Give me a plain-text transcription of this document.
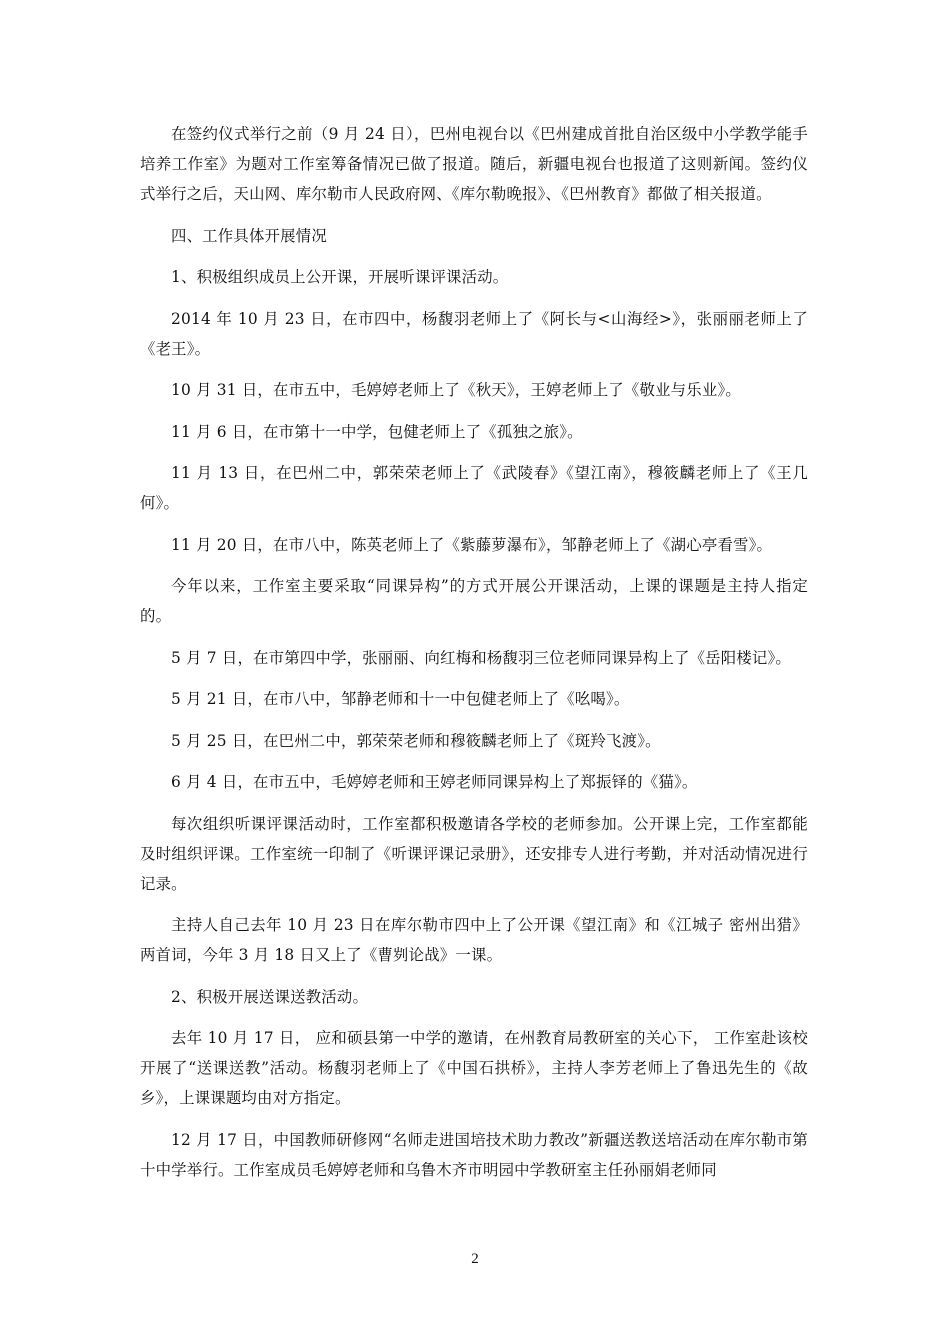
在签约仪式举行之前（9 月 24 日），巴州电视台以《巴州建成首批自治区级中小学教学能手培养工作室》为题对工作室筹备情况已做了报道。随后，新疆电视台也报道了这则新闻。签约仪式举行之后，天山网、库尔勒市人民政府网、《库尔勒晚报》、《巴州教育》都做了相关报道。

四、工作具体开展情况

1、积极组织成员上公开课，开展听课评课活动。

2014 年 10 月 23 日，在市四中，杨馥羽老师上了《阿长与<山海经>》，张丽丽老师上了《老王》。

10 月 31 日，在市五中，毛婷婷老师上了《秋天》，王婷老师上了《敬业与乐业》。

11 月 6 日，在市第十一中学，包健老师上了《孤独之旅》。

11 月 13 日，在巴州二中，郭荣荣老师上了《武陵春》《望江南》，穆筱麟老师上了《王几何》。

11 月 20 日，在市八中，陈英老师上了《紫藤萝瀑布》，邹静老师上了《湖心亭看雪》。

今年以来，工作室主要采取“同课异构”的方式开展公开课活动，上课的课题是主持人指定的。

5 月 7 日，在市第四中学，张丽丽、向红梅和杨馥羽三位老师同课异构上了《岳阳楼记》。

5 月 21 日，在市八中，邹静老师和十一中包健老师上了《吆喝》。

5 月 25 日，在巴州二中，郭荣荣老师和穆筱麟老师上了《斑羚飞渡》。

6 月 4 日，在市五中，毛婷婷老师和王婷老师同课异构上了郑振铎的《猫》。

每次组织听课评课活动时，工作室都积极邀请各学校的老师参加。公开课上完，工作室都能及时组织评课。工作室统一印制了《听课评课记录册》，还安排专人进行考勤，并对活动情况进行记录。

主持人自己去年 10 月 23 日在库尔勒市四中上了公开课《望江南》和《江城子 密州出猎》两首词，今年 3 月 18 日又上了《曹刿论战》一课。

2、积极开展送课送教活动。

去年 10 月 17 日， 应和硕县第一中学的邀请，在州教育局教研室的关心下， 工作室赴该校开展了“送课送教”活动。杨馥羽老师上了《中国石拱桥》，主持人李芳老师上了鲁迅先生的《故乡》，上课课题均由对方指定。

12 月 17 日，中国教师研修网“名师走进国培技术助力教改”新疆送教送培活动在库尔勒市第十中学举行。工作室成员毛婷婷老师和乌鲁木齐市明园中学教研室主任孙丽娟老师同

2
